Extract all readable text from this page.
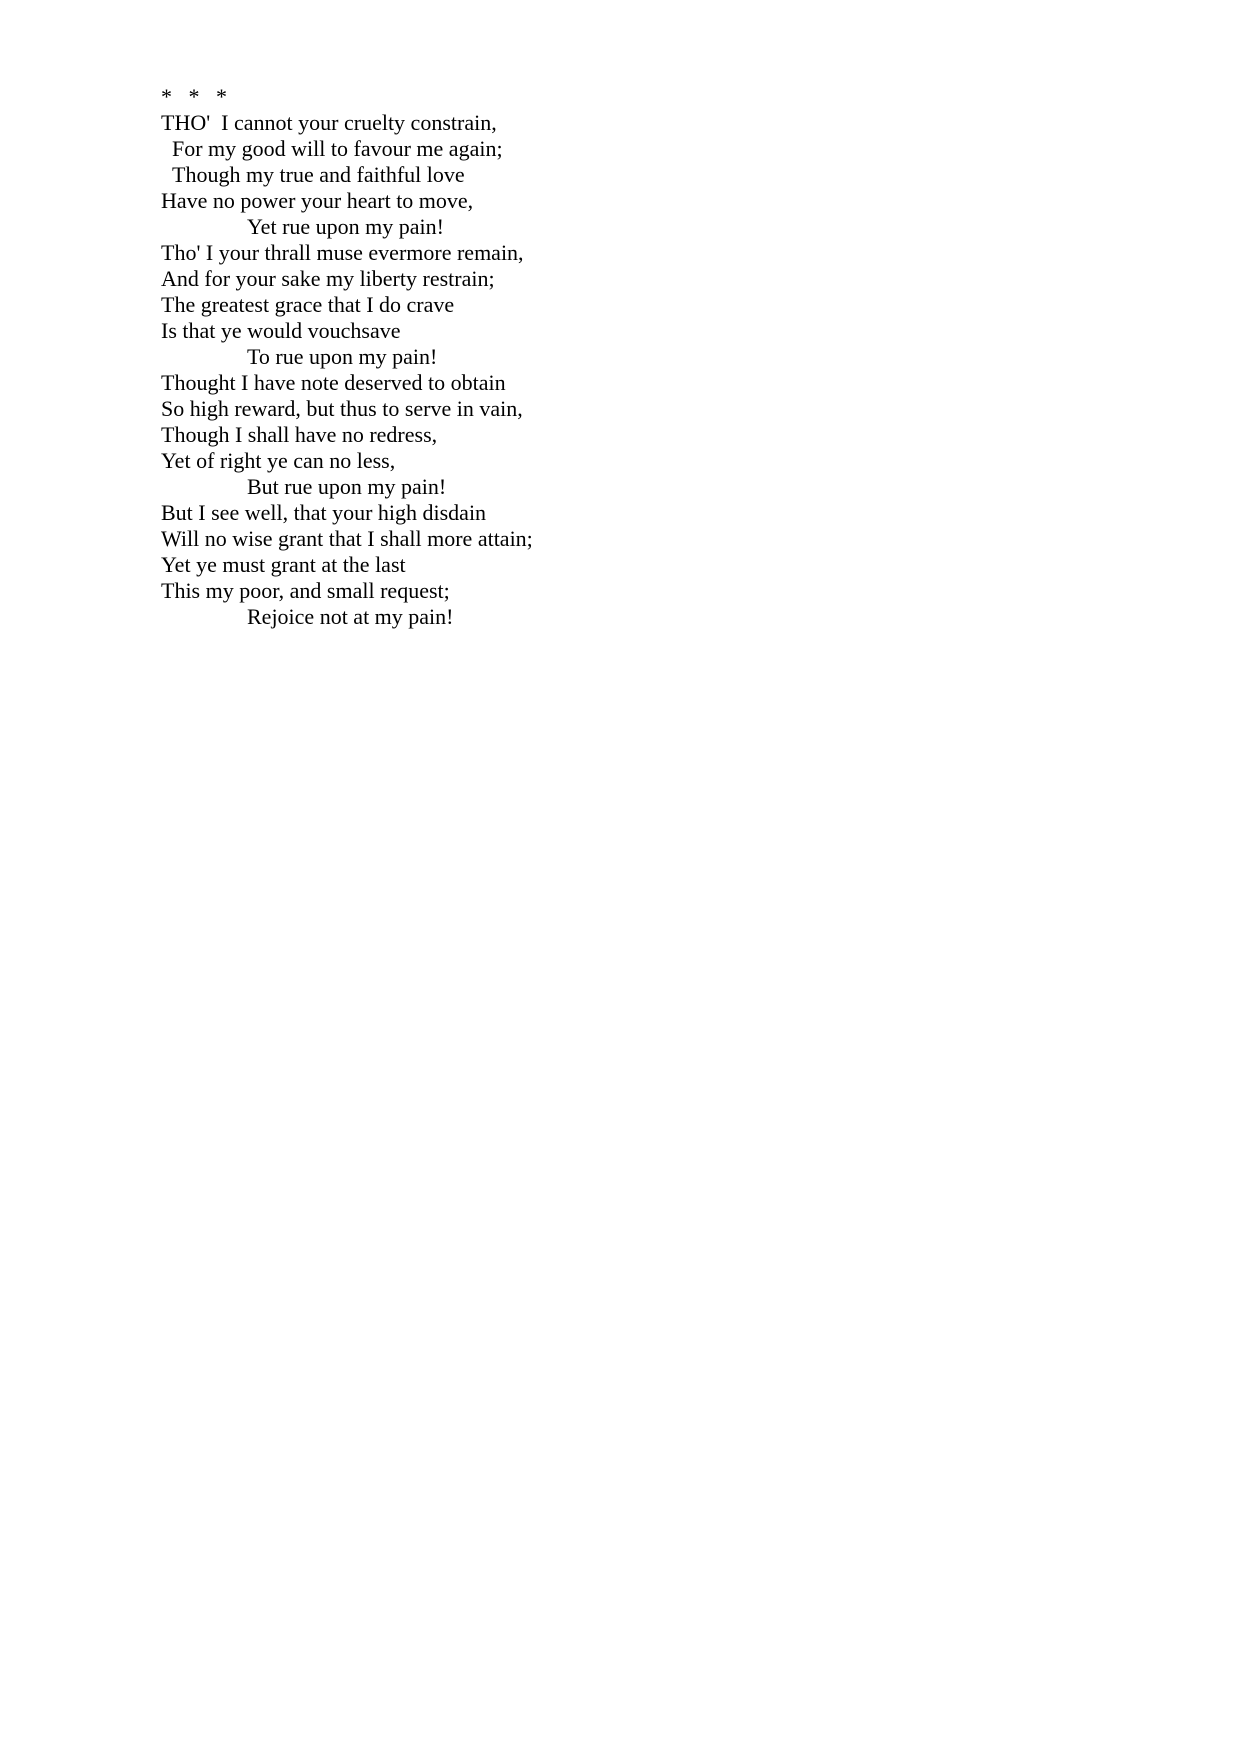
*   *   *
THO'  I cannot your cruelty constrain,
For my good will to favour me again;
Though my true and faithful love
Have no power your heart to move,
Yet rue upon my pain!
Tho' I your thrall muse evermore remain,
And for your sake my liberty restrain;
The greatest grace that I do crave
Is that ye would vouchsave
To rue upon my pain!
Thought I have note deserved to obtain
So high reward, but thus to serve in vain,
Though I shall have no redress,
Yet of right ye can no less,
But rue upon my pain!
But I see well, that your high disdain
Will no wise grant that I shall more attain;
Yet ye must grant at the last
This my poor, and small request;
Rejoice not at my pain!
